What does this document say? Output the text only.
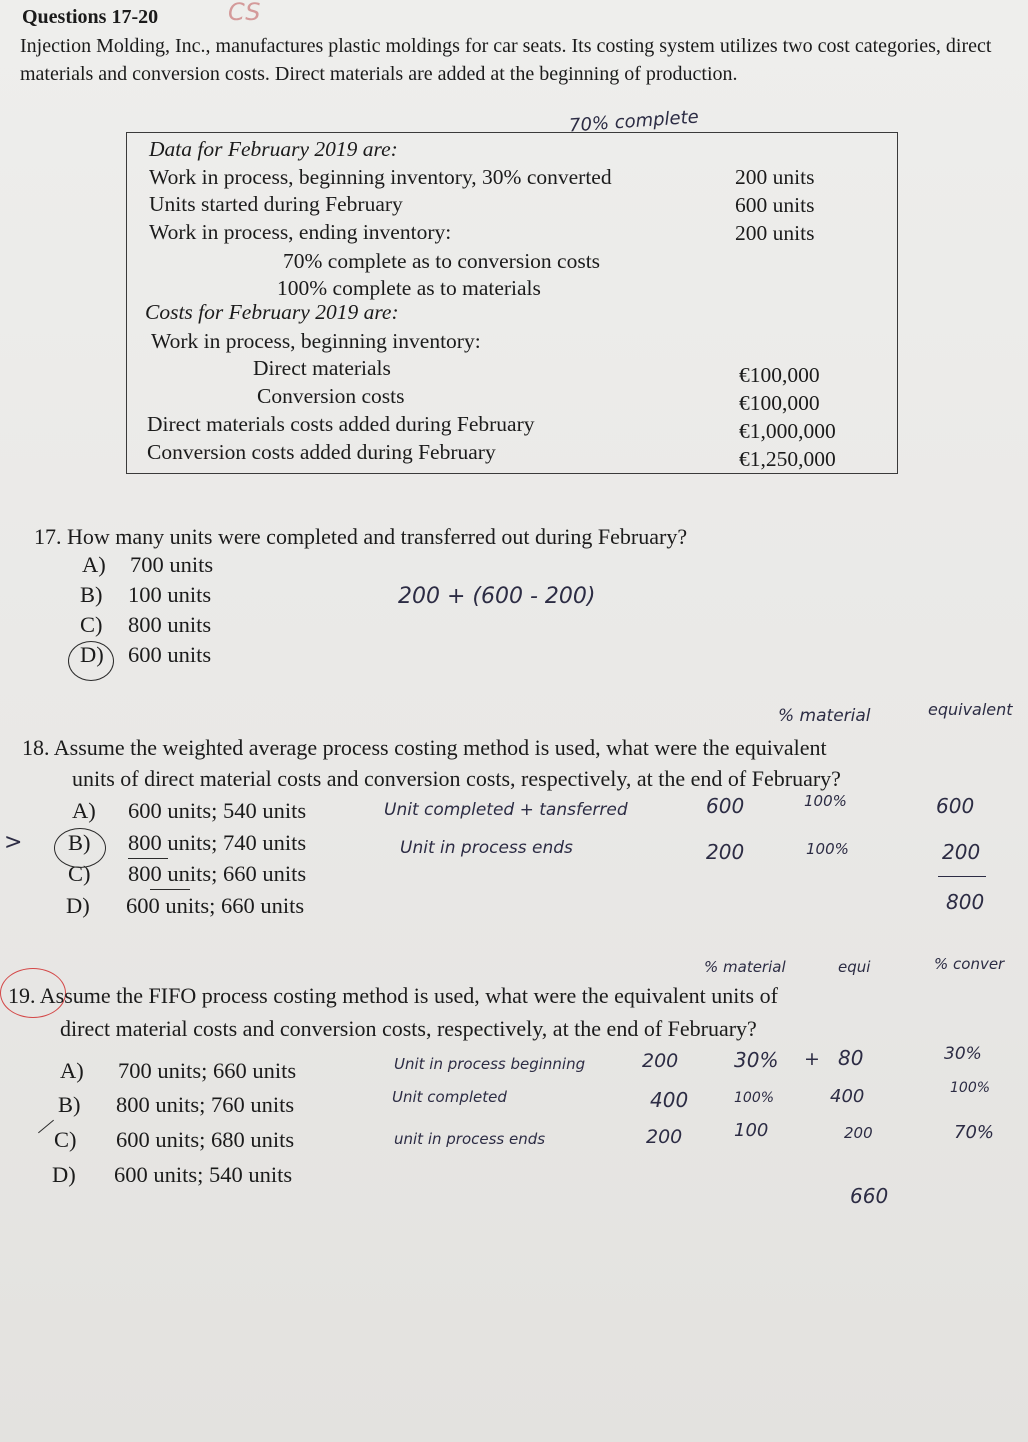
Questions 17-20	CS
Injection Molding, Inc., manufactures plastic moldings for car seats. Its costing system utilizes two cost categories, direct materials and conversion costs. Direct materials are added at the beginning of production.
Data for February 2019 are:
70% complete
Work in process, beginning inventory, 30% converted	200 units
Units started during February	600 units
Work in process, ending inventory:	200 units
70% complete as to conversion costs
100% complete as to materials
Costs for February 2019 are:
Work in process, beginning inventory:
Direct materials	€100,000
Conversion costs	€100,000
Direct materials costs added during February	€1,000,000
Conversion costs added during February	€1,250,000
17. How many units were completed and transferred out during February?
A) 700 units
B) 100 units
C) 800 units
D) 600 units
200 + (600 - 200)
% material	equivalent
18. Assume the weighted average process costing method is used, what were the equivalent
units of direct material costs and conversion costs, respectively, at the end of February?
A) 600 units; 540 units
B) 800 units; 740 units
C) 800 units; 660 units
D) 600 units; 660 units
>
Unit completed + tansferred	600	100%	600
Unit in process ends	200	100%	200
800
% material	equi	% conver
19. Assume the FIFO process costing method is used, what were the equivalent units of
direct material costs and conversion costs, respectively, at the end of February?
A) 700 units; 660 units
B) 800 units; 760 units
C) 600 units; 680 units
D) 600 units; 540 units
Unit in process beginning	200	30% + 80	30%
Unit completed	400	100%	400	100%
unit in process ends	200	100	200	70%
660
